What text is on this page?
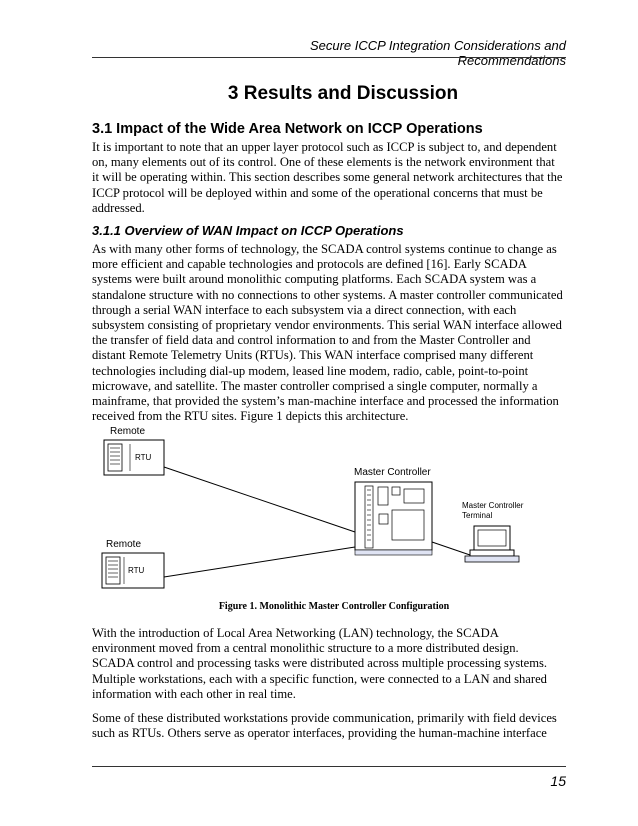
Secure ICCP Integration Considerations and Recommendations
3 Results and Discussion
3.1 Impact of the Wide Area Network on ICCP Operations
It is important to note that an upper layer protocol such as ICCP is subject to, and dependent
on, many elements out of its control. One of these elements is the network environment that
it will be operating within. This section describes some general network architectures that the
ICCP protocol will be deployed within and some of the operational concerns that must be
addressed.
3.1.1 Overview of WAN Impact on ICCP Operations
As with many other forms of technology, the SCADA control systems continue to change as
more efficient and capable technologies and protocols are defined [16]. Early SCADA
systems were built around monolithic computing platforms. Each SCADA system was a
standalone structure with no connections to other systems. A master controller communicated
through a serial WAN interface to each subsystem via a direct connection, with each
subsystem consisting of proprietary vendor environments. This serial WAN interface allowed
the transfer of field data and control information to and from the Master Controller and
distant Remote Telemetry Units (RTUs). This WAN interface comprised many different
technologies including dial-up modem, leased line modem, radio, cable, point-to-point
microwave, and satellite. The master controller comprised a single computer, normally a
mainframe, that provided the system’s man-machine interface and processed the information
received from the RTU sites. Figure 1 depicts this architecture.
Remote
RTU
Remote
RTU
Master Controller
Master Controller Terminal
Figure 1. Monolithic Master Controller Configuration
With the introduction of Local Area Networking (LAN) technology, the SCADA
environment moved from a central monolithic structure to a more distributed design.
SCADA control and processing tasks were distributed across multiple processing systems.
Multiple workstations, each with a specific function, were connected to a LAN and shared
information with each other in real time.
Some of these distributed workstations provide communication, primarily with field devices
such as RTUs. Others serve as operator interfaces, providing the human-machine interface
15
